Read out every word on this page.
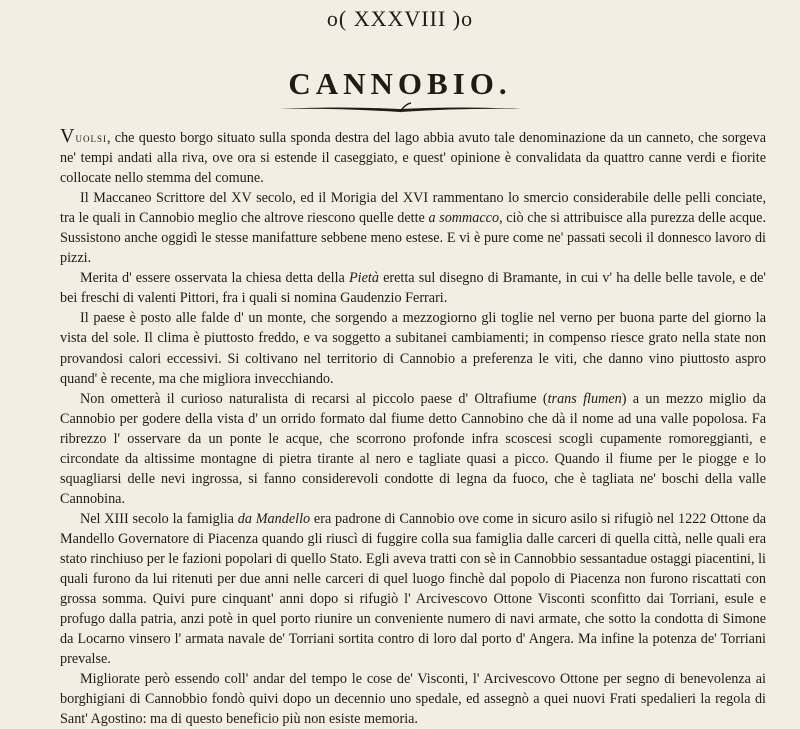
o( XXXVIII )o
CANNOBIO.

Vuolsi, che questo borgo situato sulla sponda destra del lago abbia avuto tale denominazione da un canneto, che sorgeva ne' tempi andati alla riva, ove ora si estende il caseggiato, e quest' opinione è convalidata da quattro canne verdi e fiorite collocate nello stemma del comune.

Il Maccaneo Scrittore del XV secolo, ed il Morigia del XVI rammentano lo smercio considerabile delle pelli conciate, tra le quali in Cannobio meglio che altrove riescono quelle dette a sommacco, ciò che si attribuisce alla purezza delle acque. Sussistono anche oggidì le stesse manifatture sebbene meno estese. E vi è pure come ne' passati secoli il donnesco lavoro di pizzi.

Merita d' essere osservata la chiesa detta della Pietà eretta sul disegno di Bramante, in cui v' ha delle belle tavole, e de' bei freschi di valenti Pittori, fra i quali si nomina Gaudenzio Ferrari.

Il paese è posto alle falde d' un monte, che sorgendo a mezzogiorno gli toglie nel verno per buona parte del giorno la vista del sole. Il clima è piuttosto freddo, e va soggetto a subitanei cambiamenti; in compenso riesce grato nella state non provandosi calori eccessivi. Si coltivano nel territorio di Cannobio a preferenza le viti, che danno vino piuttosto aspro quand' è recente, ma che migliora invecchiando.

Non ometterà il curioso naturalista di recarsi al piccolo paese d' Oltrafiume (trans flumen) a un mezzo miglio da Cannobio per godere della vista d' un orrido formato dal fiume detto Cannobino che dà il nome ad una valle popolosa. Fa ribrezzo l' osservare da un ponte le acque, che scorrono profonde infra scoscesi scogli cupamente romoreggianti, e circondate da altissime montagne di pietra tirante al nero e tagliate quasi a picco. Quando il fiume per le piogge e lo squagliarsi delle nevi ingrossa, si fanno considerevoli condotte di legna da fuoco, che è tagliata ne' boschi della valle Cannobina.

Nel XIII secolo la famiglia da Mandello era padrone di Cannobio ove come in sicuro asilo si rifugiò nel 1222 Ottone da Mandello Governatore di Piacenza quando gli riuscì di fuggire colla sua famiglia dalle carceri di quella città, nelle quali era stato rinchiuso per le fazioni popolari di quello Stato. Egli aveva tratti con sè in Cannobbio sessantadue ostaggi piacentini, li quali furono da lui ritenuti per due anni nelle carceri di quel luogo finchè dal popolo di Piacenza non furono riscattati con grossa somma. Quivi pure cinquant' anni dopo si rifugiò l' Arcivescovo Ottone Visconti sconfitto dai Torriani, esule e profugo dalla patria, anzi potè in quel porto riunire un conveniente numero di navi armate, che sotto la condotta di Simone da Locarno vinsero l' armata navale de' Torriani sortita contro di loro dal porto d' Angera. Ma infine la potenza de' Torriani prevalse.

Migliorate però essendo coll' andar del tempo le cose de' Visconti, l' Arcivescovo Ottone per segno di benevolenza ai borghigiani di Cannobbio fondò quivi dopo un decennio uno spedale, ed assegnò a quei nuovi Frati spedalieri la regola di Sant' Agostino: ma di questo beneficio più non esiste memoria.
